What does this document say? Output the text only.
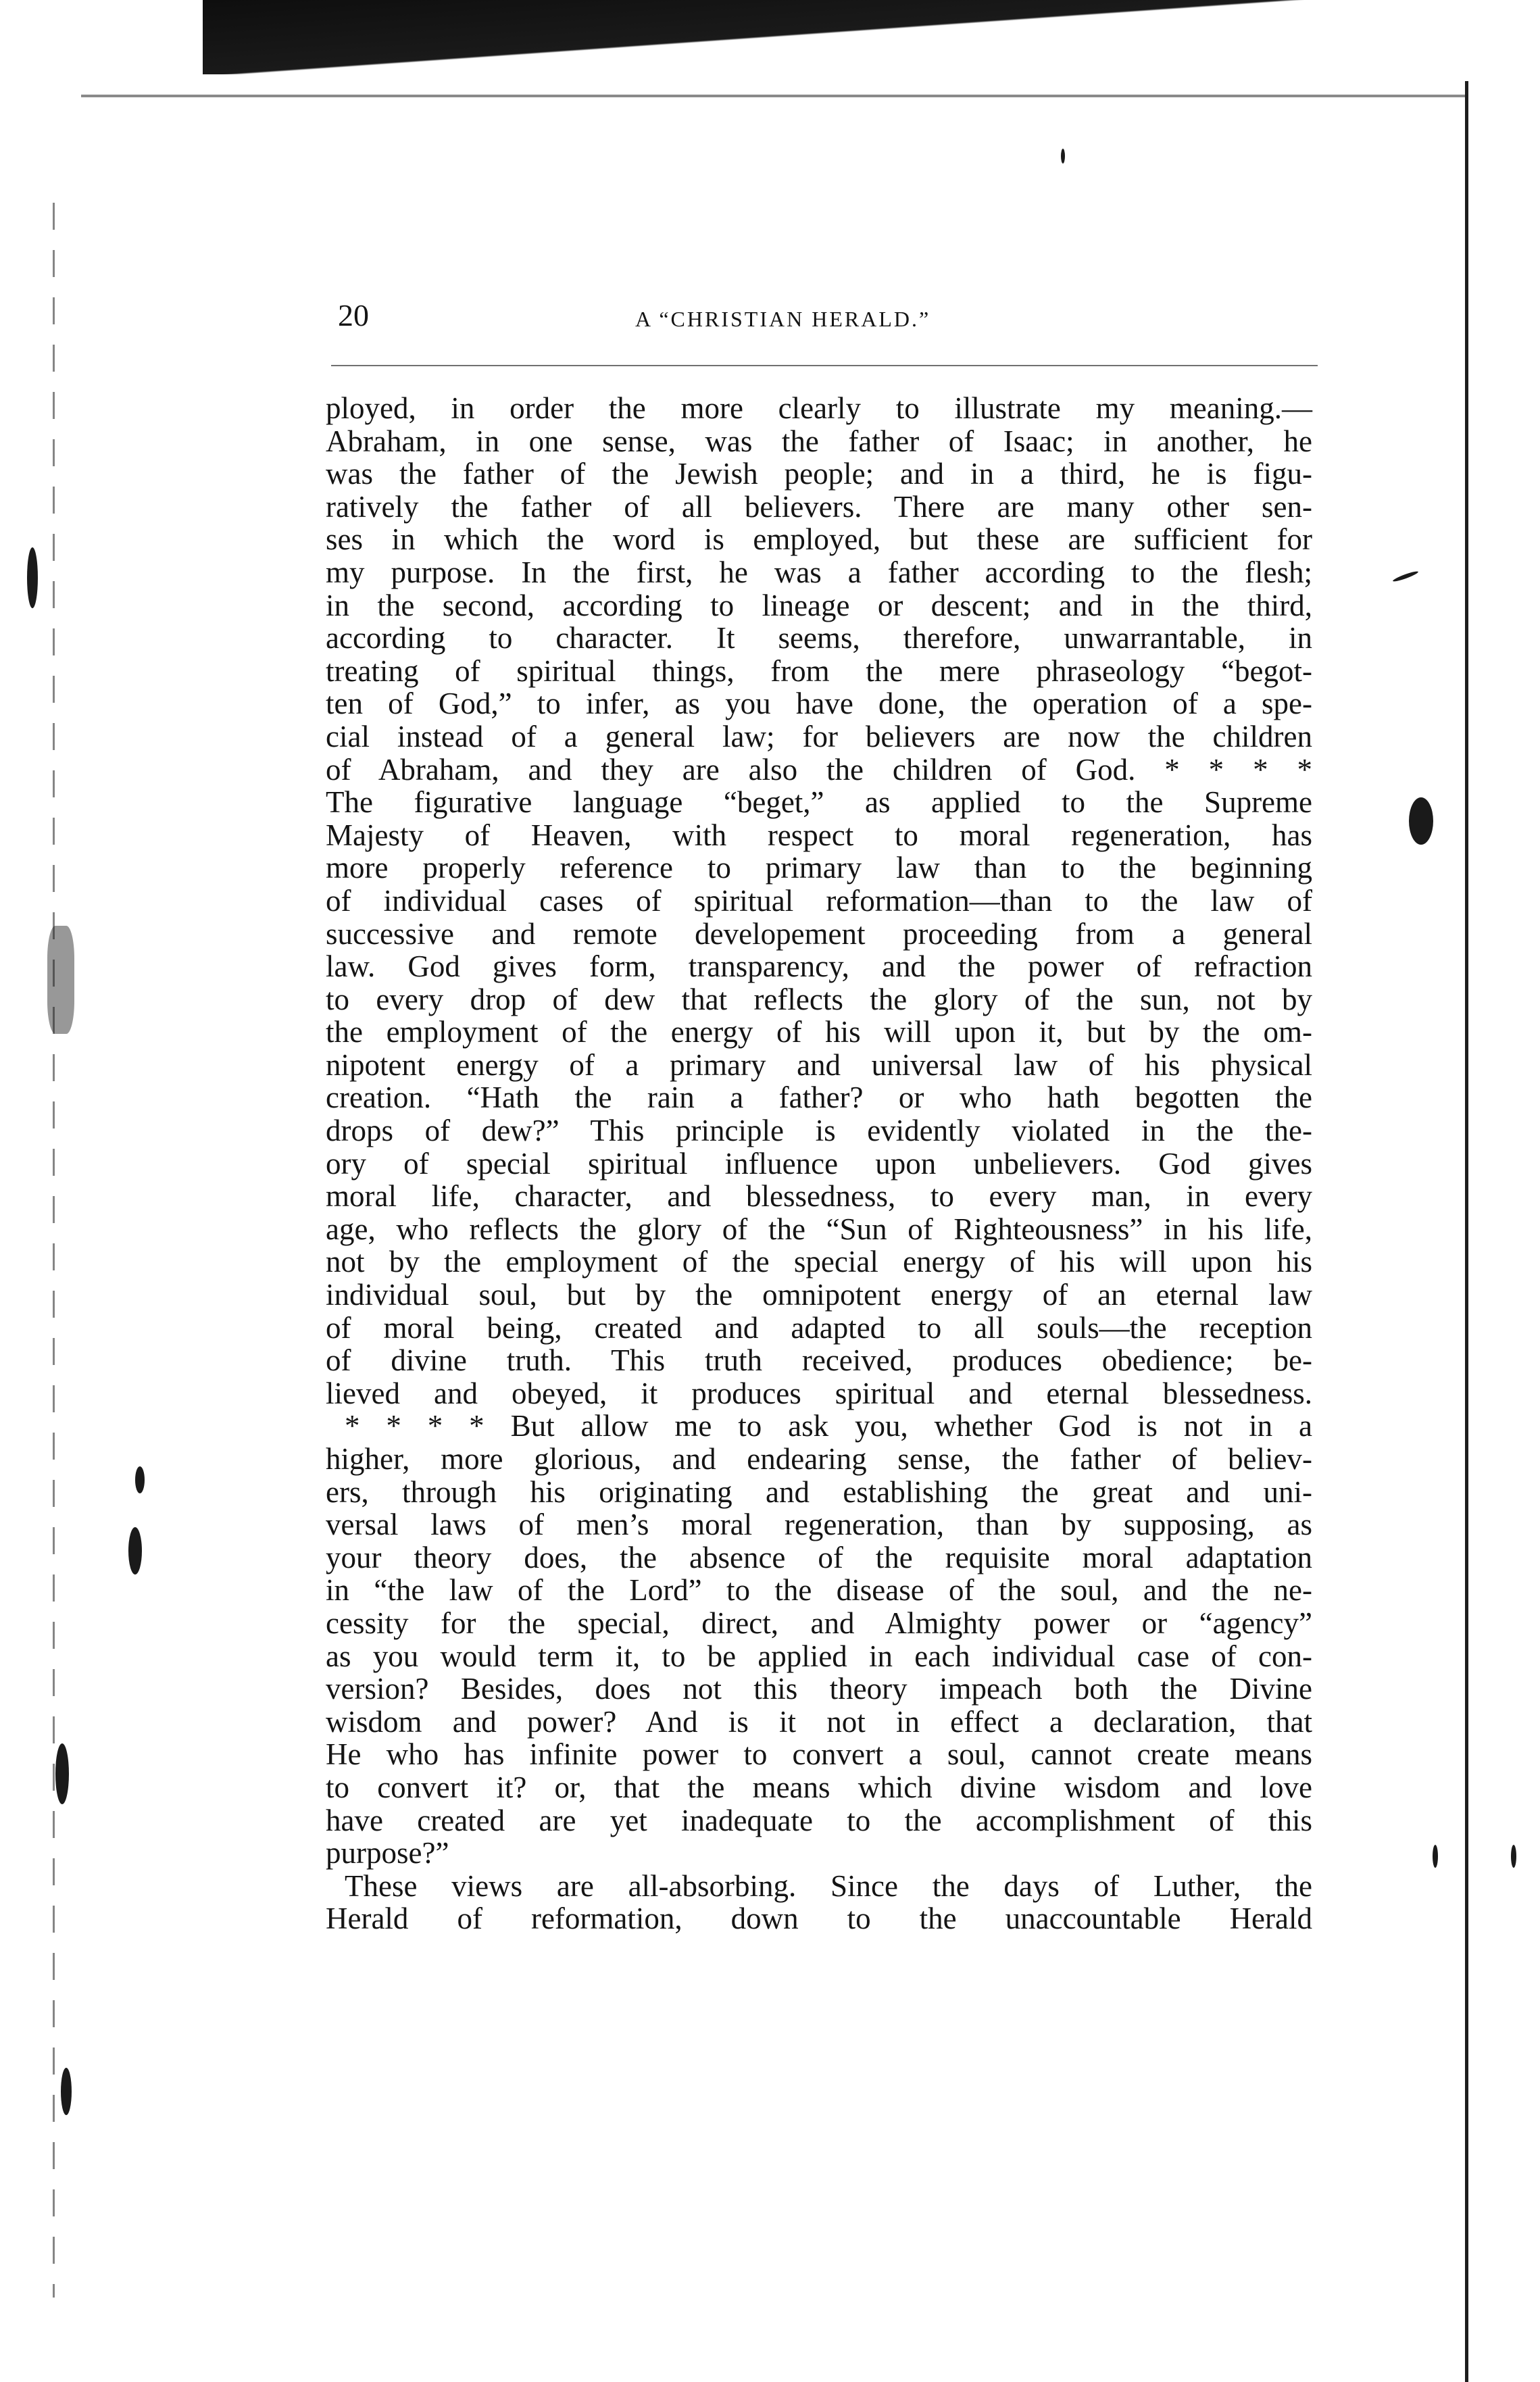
20	A “CHRISTIAN HERALD.”
ployed, in order the more clearly to illustrate my meaning.—
Abraham, in one sense, was the father of Isaac; in another, he
was the father of the Jewish people; and in a third, he is figu-
ratively the father of all believers. There are many other sen-
ses in which the word is employed, but these are sufficient for
my purpose. In the first, he was a father according to the flesh;
in the second, according to lineage or descent; and in the third,
according to character. It seems, therefore, unwarrantable, in
treating of spiritual things, from the mere phraseology “begot-
ten of God,” to infer, as you have done, the operation of a spe-
cial instead of a general law; for believers are now the children
of Abraham, and they are also the children of God. * * * *
The figurative language “beget,” as applied to the Supreme
Majesty of Heaven, with respect to moral regeneration, has
more properly reference to primary law than to the beginning
of individual cases of spiritual reformation—than to the law of
successive and remote developement proceeding from a general
law. God gives form, transparency, and the power of refraction
to every drop of dew that reflects the glory of the sun, not by
the employment of the energy of his will upon it, but by the om-
nipotent energy of a primary and universal law of his physical
creation. “Hath the rain a father? or who hath begotten the
drops of dew?” This principle is evidently violated in the the-
ory of special spiritual influence upon unbelievers. God gives
moral life, character, and blessedness, to every man, in every
age, who reflects the glory of the “Sun of Righteousness” in his life,
not by the employment of the special energy of his will upon his
individual soul, but by the omnipotent energy of an eternal law
of moral being, created and adapted to all souls—the reception
of divine truth. This truth received, produces obedience; be-
lieved and obeyed, it produces spiritual and eternal blessedness.
* * * * But allow me to ask you, whether God is not in a
higher, more glorious, and endearing sense, the father of believ-
ers, through his originating and establishing the great and uni-
versal laws of men’s moral regeneration, than by supposing, as
your theory does, the absence of the requisite moral adaptation
in “the law of the Lord” to the disease of the soul, and the ne-
cessity for the special, direct, and Almighty power or “agency”
as you would term it, to be applied in each individual case of con-
version? Besides, does not this theory impeach both the Divine
wisdom and power? And is it not in effect a declaration, that
He who has infinite power to convert a soul, cannot create means
to convert it? or, that the means which divine wisdom and love
have created are yet inadequate to the accomplishment of this
purpose?”
These views are all-absorbing. Since the days of Luther, the
Herald of reformation, down to the unaccountable Herald
